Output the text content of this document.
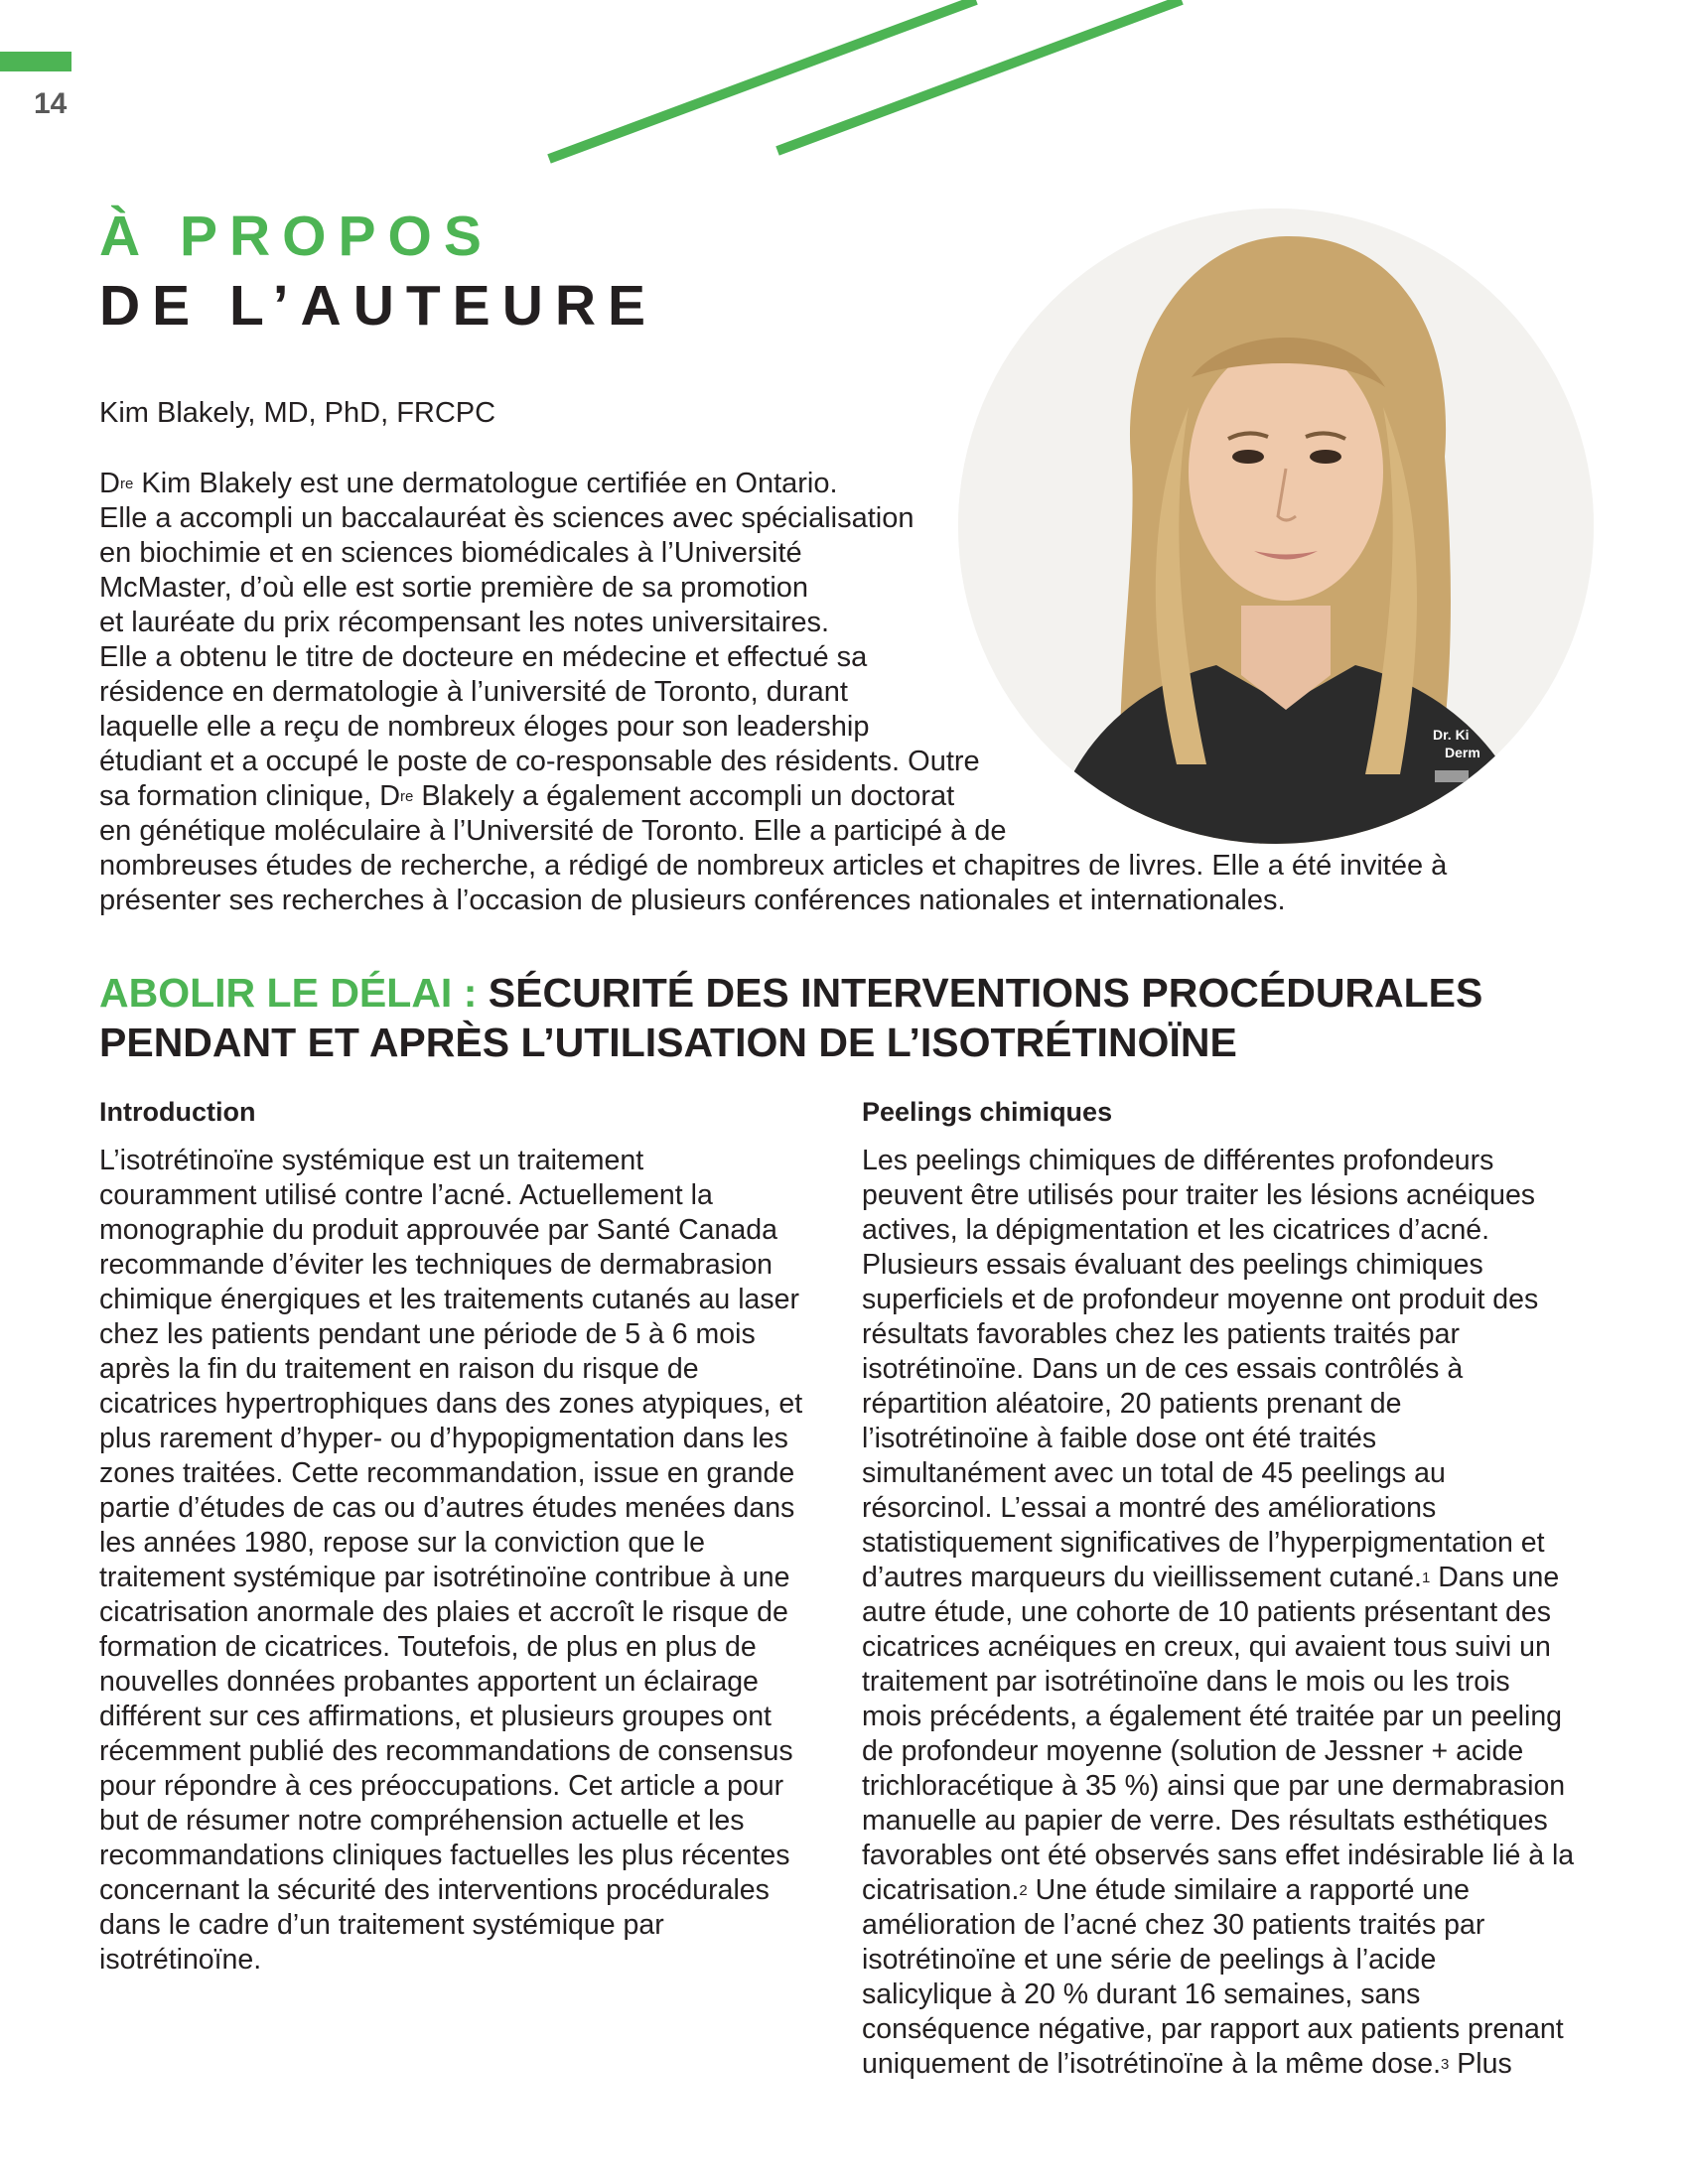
14
À PROPOS
DE L’AUTEURE
Kim Blakely, MD, PhD, FRCPC
Dr. Ki
Derm
Dre Kim Blakely est une dermatologue certifiée en Ontario.
Elle a accompli un baccalauréat ès sciences avec spécialisation
en biochimie et en sciences biomédicales à l’Université
McMaster, d’où elle est sortie première de sa promotion
et lauréate du prix récompensant les notes universitaires.
Elle a obtenu le titre de docteure en médecine et effectué sa
résidence en dermatologie à l’université de Toronto, durant
laquelle elle a reçu de nombreux éloges pour son leadership
étudiant et a occupé le poste de co-responsable des résidents. Outre
sa formation clinique, Dre Blakely a également accompli un doctorat
en génétique moléculaire à l’Université de Toronto. Elle a participé à de
nombreuses études de recherche, a rédigé de nombreux articles et chapitres de livres. Elle a été invitée à
présenter ses recherches à l’occasion de plusieurs conférences nationales et internationales.
ABOLIR LE DÉLAI : SÉCURITÉ DES INTERVENTIONS PROCÉDURALES
PENDANT ET APRÈS L’UTILISATION DE L’ISOTRÉTINOÏNE
Introduction
L’isotrétinoïne systémique est un traitement
couramment utilisé contre l’acné. Actuellement la
monographie du produit approuvée par Santé Canada
recommande d’éviter les techniques de dermabrasion
chimique énergiques et les traitements cutanés au laser
chez les patients pendant une période de 5 à 6 mois
après la fin du traitement en raison du risque de
cicatrices hypertrophiques dans des zones atypiques, et
plus rarement d’hyper- ou d’hypopigmentation dans les
zones traitées. Cette recommandation, issue en grande
partie d’études de cas ou d’autres études menées dans
les années 1980, repose sur la conviction que le
traitement systémique par isotrétinoïne contribue à une
cicatrisation anormale des plaies et accroît le risque de
formation de cicatrices. Toutefois, de plus en plus de
nouvelles données probantes apportent un éclairage
différent sur ces affirmations, et plusieurs groupes ont
récemment publié des recommandations de consensus
pour répondre à ces préoccupations. Cet article a pour
but de résumer notre compréhension actuelle et les
recommandations cliniques factuelles les plus récentes
concernant la sécurité des interventions procédurales
dans le cadre d’un traitement systémique par
isotrétinoïne.
Peelings chimiques
Les peelings chimiques de différentes profondeurs
peuvent être utilisés pour traiter les lésions acnéiques
actives, la dépigmentation et les cicatrices d’acné.
Plusieurs essais évaluant des peelings chimiques
superficiels et de profondeur moyenne ont produit des
résultats favorables chez les patients traités par
isotrétinoïne. Dans un de ces essais contrôlés à
répartition aléatoire, 20 patients prenant de
l’isotrétinoïne à faible dose ont été traités
simultanément avec un total de 45 peelings au
résorcinol. L’essai a montré des améliorations
statistiquement significatives de l’hyperpigmentation et
d’autres marqueurs du vieillissement cutané.$^1$ Dans une
autre étude, une cohorte de 10 patients présentant des
cicatrices acnéiques en creux, qui avaient tous suivi un
traitement par isotrétinoïne dans le mois ou les trois
mois précédents, a également été traitée par un peeling
de profondeur moyenne (solution de Jessner + acide
trichloracétique à 35 %) ainsi que par une dermabrasion
manuelle au papier de verre. Des résultats esthétiques
favorables ont été observés sans effet indésirable lié à la
cicatrisation.$^2$ Une étude similaire a rapporté une
amélioration de l’acné chez 30 patients traités par
isotrétinoïne et une série de peelings à l’acide
salicylique à 20 % durant 16 semaines, sans
conséquence négative, par rapport aux patients prenant
uniquement de l’isotrétinoïne à la même dose.$^3$ Plus
